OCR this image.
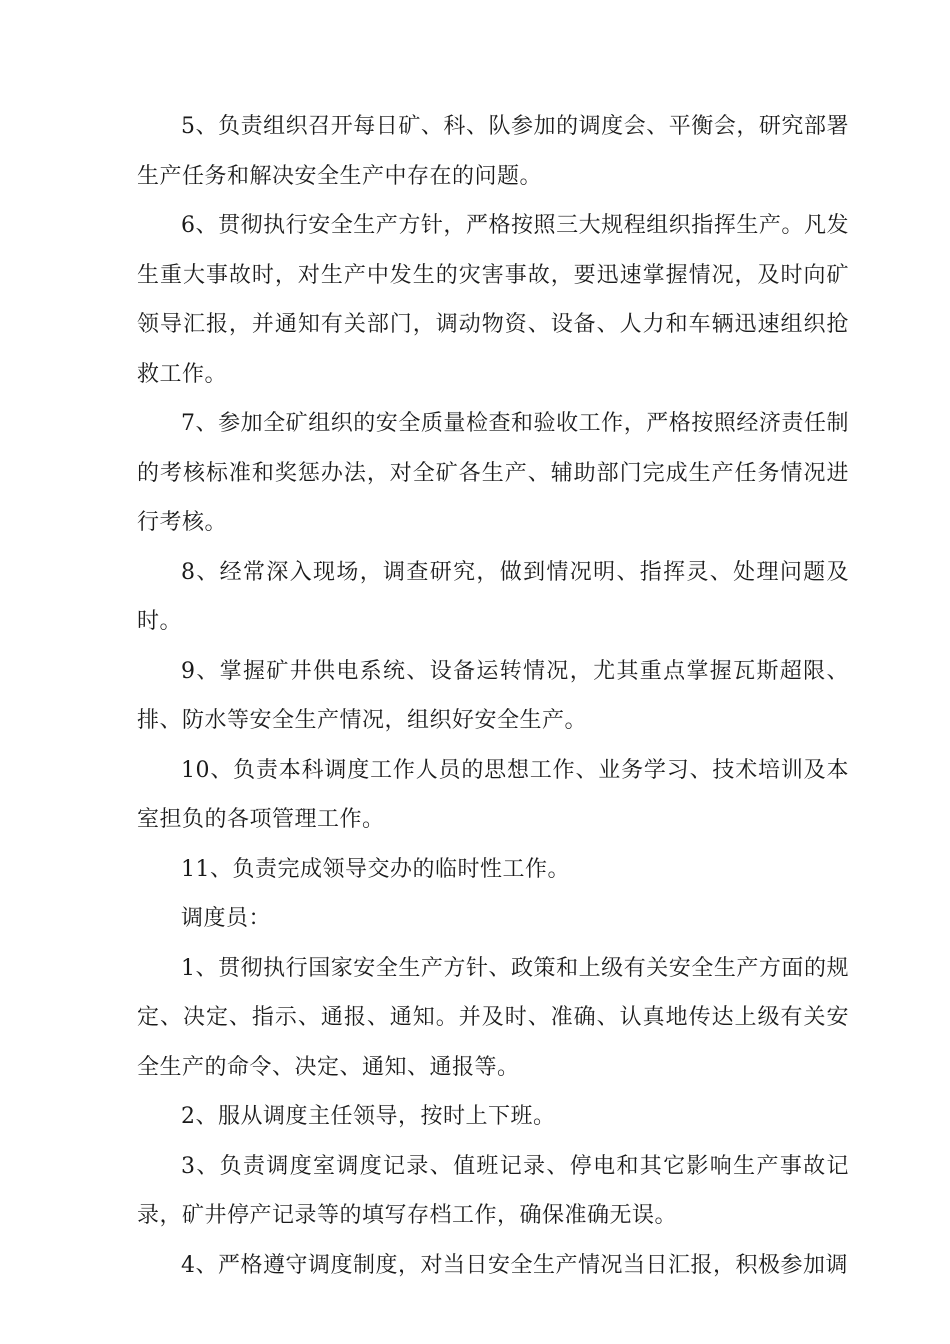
5、负责组织召开每日矿、科、队参加的调度会、平衡会，研究部署生产任务和解决安全生产中存在的问题。

6、贯彻执行安全生产方针，严格按照三大规程组织指挥生产。凡发生重大事故时，对生产中发生的灾害事故，要迅速掌握情况，及时向矿领导汇报，并通知有关部门，调动物资、设备、人力和车辆迅速组织抢救工作。

7、参加全矿组织的安全质量检查和验收工作，严格按照经济责任制的考核标准和奖惩办法，对全矿各生产、辅助部门完成生产任务情况进行考核。

8、经常深入现场，调查研究，做到情况明、指挥灵、处理问题及时。

9、掌握矿井供电系统、设备运转情况，尤其重点掌握瓦斯超限、排、防水等安全生产情况，组织好安全生产。

10、负责本科调度工作人员的思想工作、业务学习、技术培训及本室担负的各项管理工作。

11、负责完成领导交办的临时性工作。

调度员：

1、贯彻执行国家安全生产方针、政策和上级有关安全生产方面的规定、决定、指示、通报、通知。并及时、准确、认真地传达上级有关安全生产的命令、决定、通知、通报等。

2、服从调度主任领导，按时上下班。

3、负责调度室调度记录、值班记录、停电和其它影响生产事故记录，矿井停产记录等的填写存档工作，确保准确无误。

4、严格遵守调度制度，对当日安全生产情况当日汇报，积极参加调
